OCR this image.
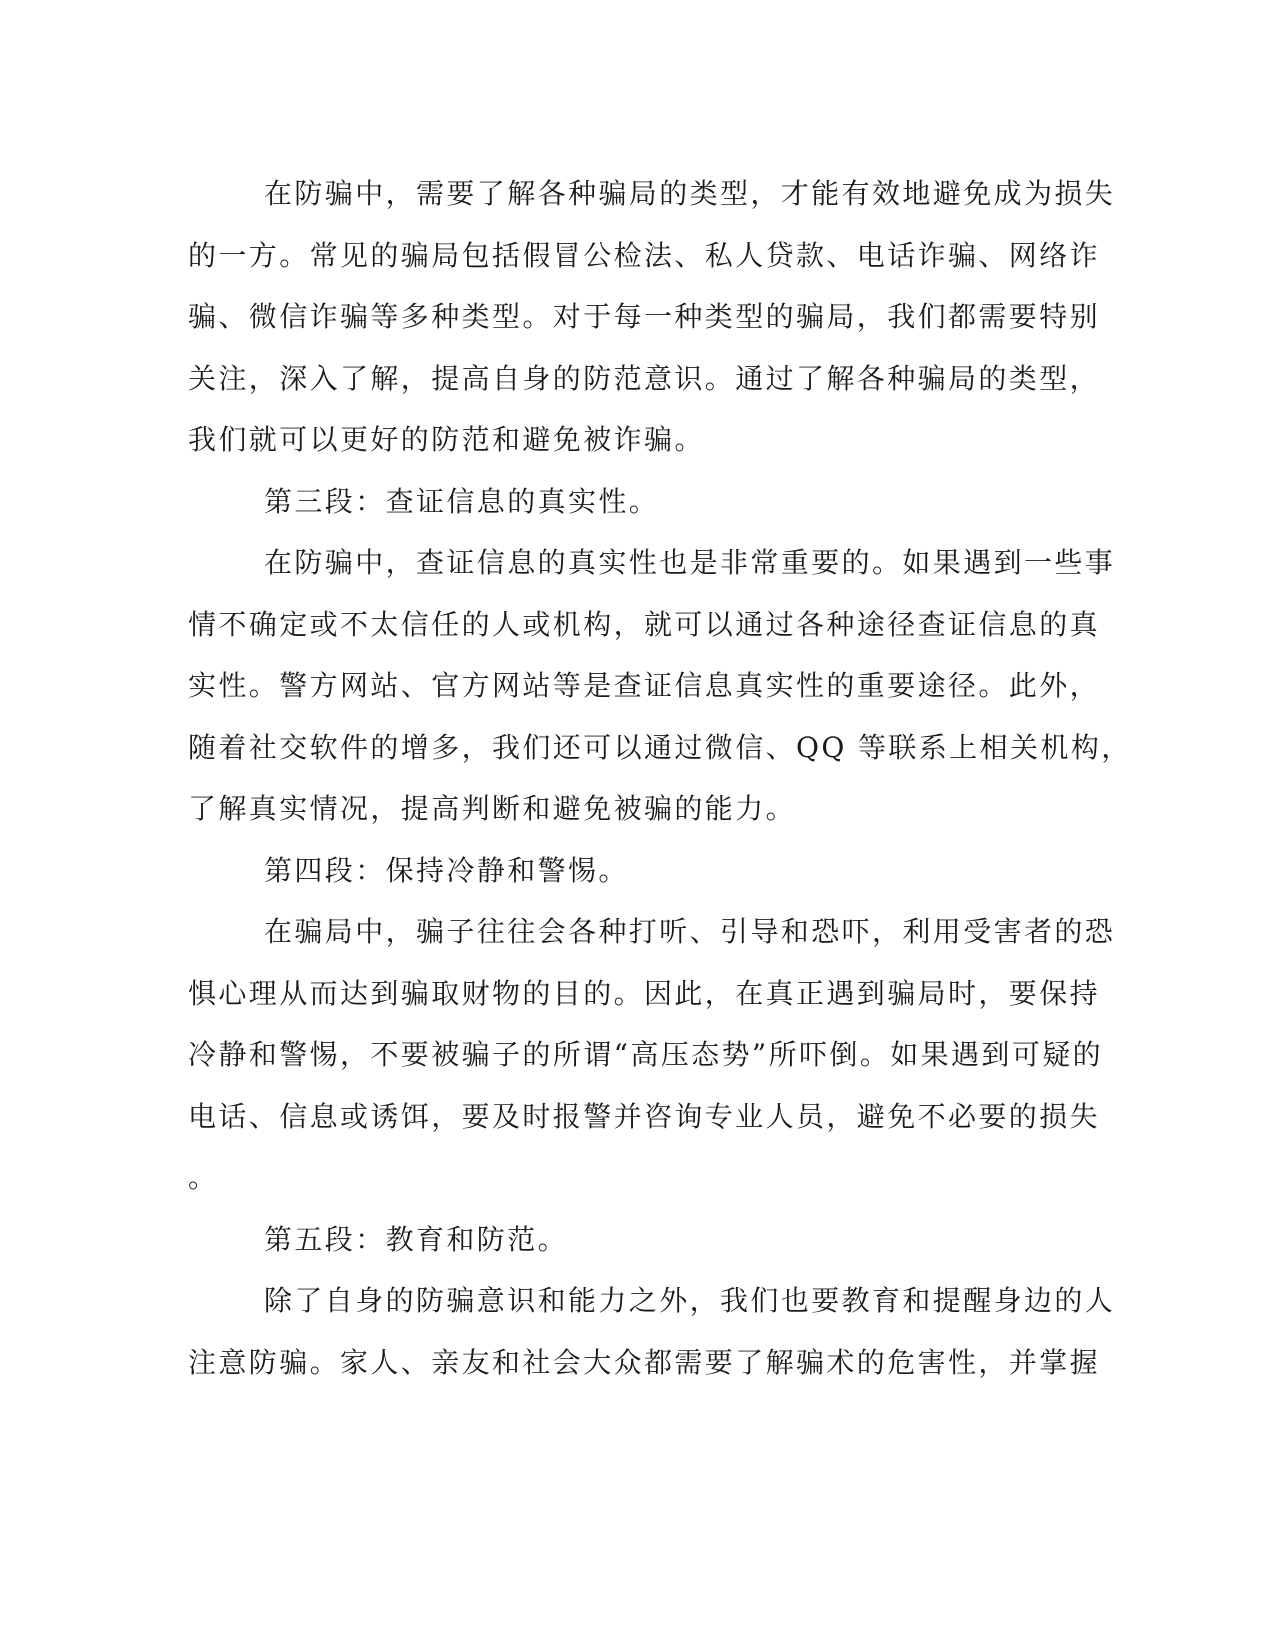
在防骗中，需要了解各种骗局的类型，才能有效地避免成为损失
的一方。常见的骗局包括假冒公检法、私人贷款、电话诈骗、网络诈
骗、微信诈骗等多种类型。对于每一种类型的骗局，我们都需要特别
关注，深入了解，提高自身的防范意识。通过了解各种骗局的类型，
我们就可以更好的防范和避免被诈骗。
第三段：查证信息的真实性。
在防骗中，查证信息的真实性也是非常重要的。如果遇到一些事
情不确定或不太信任的人或机构，就可以通过各种途径查证信息的真
实性。警方网站、官方网站等是查证信息真实性的重要途径。此外，
随着社交软件的增多，我们还可以通过微信、QQ 等联系上相关机构，
了解真实情况，提高判断和避免被骗的能力。
第四段：保持冷静和警惕。
在骗局中，骗子往往会各种打听、引导和恐吓，利用受害者的恐
惧心理从而达到骗取财物的目的。因此，在真正遇到骗局时，要保持
冷静和警惕，不要被骗子的所谓“高压态势”所吓倒。如果遇到可疑的
电话、信息或诱饵，要及时报警并咨询专业人员，避免不必要的损失
。
第五段：教育和防范。
除了自身的防骗意识和能力之外，我们也要教育和提醒身边的人
注意防骗。家人、亲友和社会大众都需要了解骗术的危害性，并掌握
